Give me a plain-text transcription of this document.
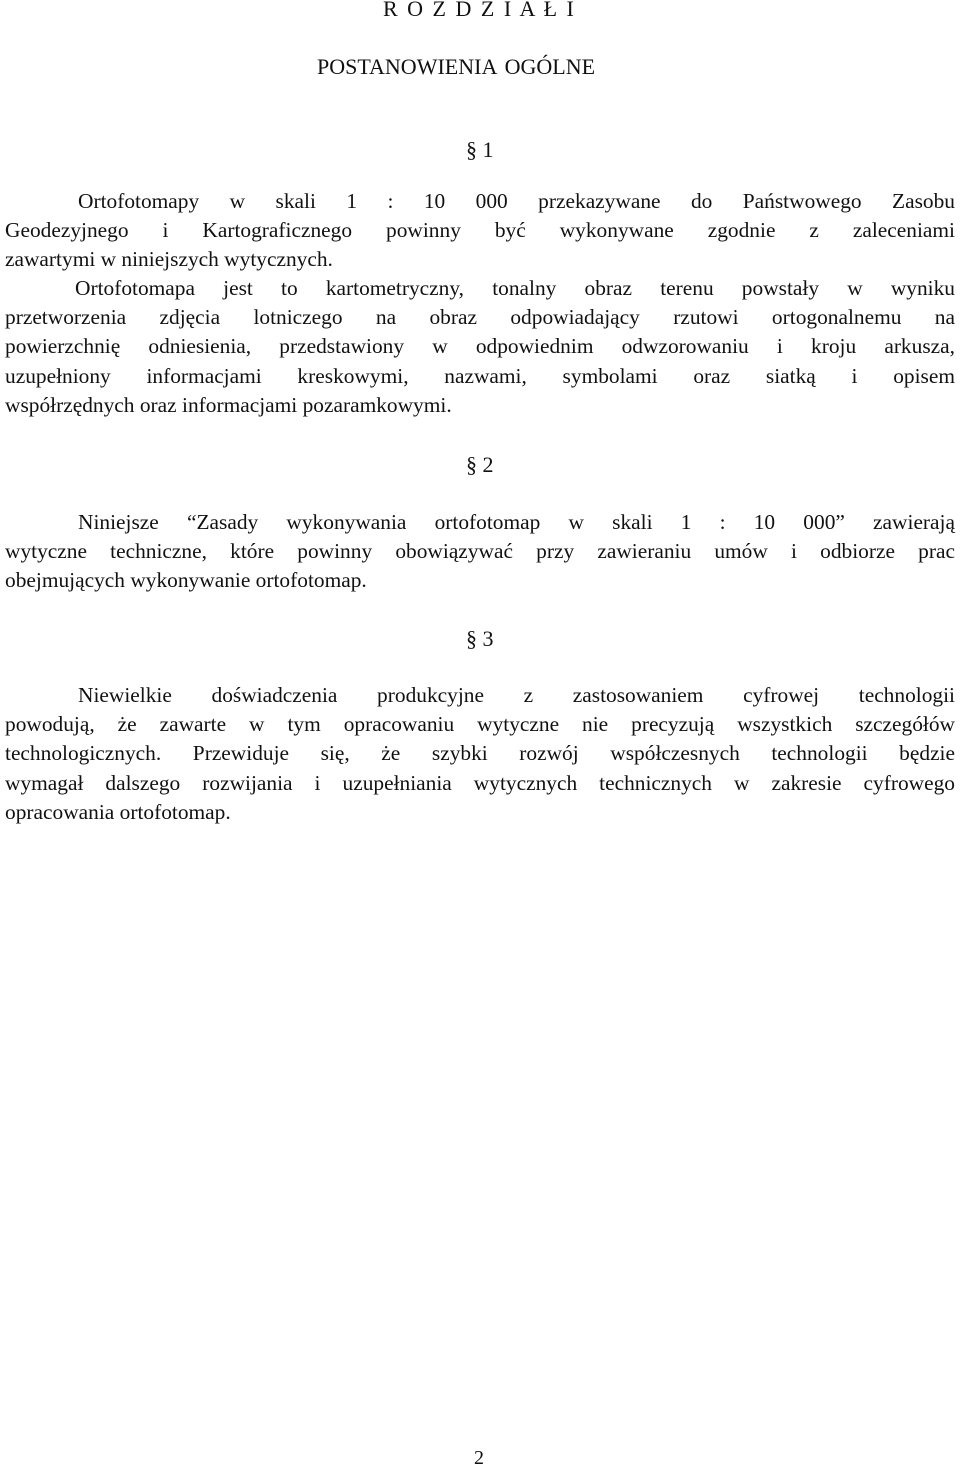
R O Z D Z I A Ł I
POSTANOWIENIA OGÓLNE
§ 1

Ortofotomapy w skali 1 : 10 000 przekazywane do Państwowego Zasobu
Geodezyjnego i Kartograficznego powinny być wykonywane zgodnie z zaleceniami
zawartymi w niniejszych wytycznych.

Ortofotomapa jest to kartometryczny, tonalny obraz terenu powstały w wyniku
przetworzenia zdjęcia lotniczego na obraz odpowiadający rzutowi ortogonalnemu na
powierzchnię odniesienia, przedstawiony w odpowiednim odwzorowaniu i kroju arkusza,
uzupełniony informacjami kreskowymi, nazwami, symbolami oraz siatką i opisem
współrzędnych oraz informacjami pozaramkowymi.

§ 2

Niniejsze “Zasady wykonywania ortofotomap w skali 1 : 10 000” zawierają
wytyczne techniczne, które powinny obowiązywać przy zawieraniu umów i odbiorze prac
obejmujących wykonywanie ortofotomap.

§ 3

Niewielkie doświadczenia produkcyjne z zastosowaniem cyfrowej technologii
powodują, że zawarte w tym opracowaniu wytyczne nie precyzują wszystkich szczegółów
technologicznych. Przewiduje się, że szybki rozwój współczesnych technologii będzie
wymagał dalszego rozwijania i uzupełniania wytycznych technicznych w zakresie cyfrowego
opracowania ortofotomap.

2
